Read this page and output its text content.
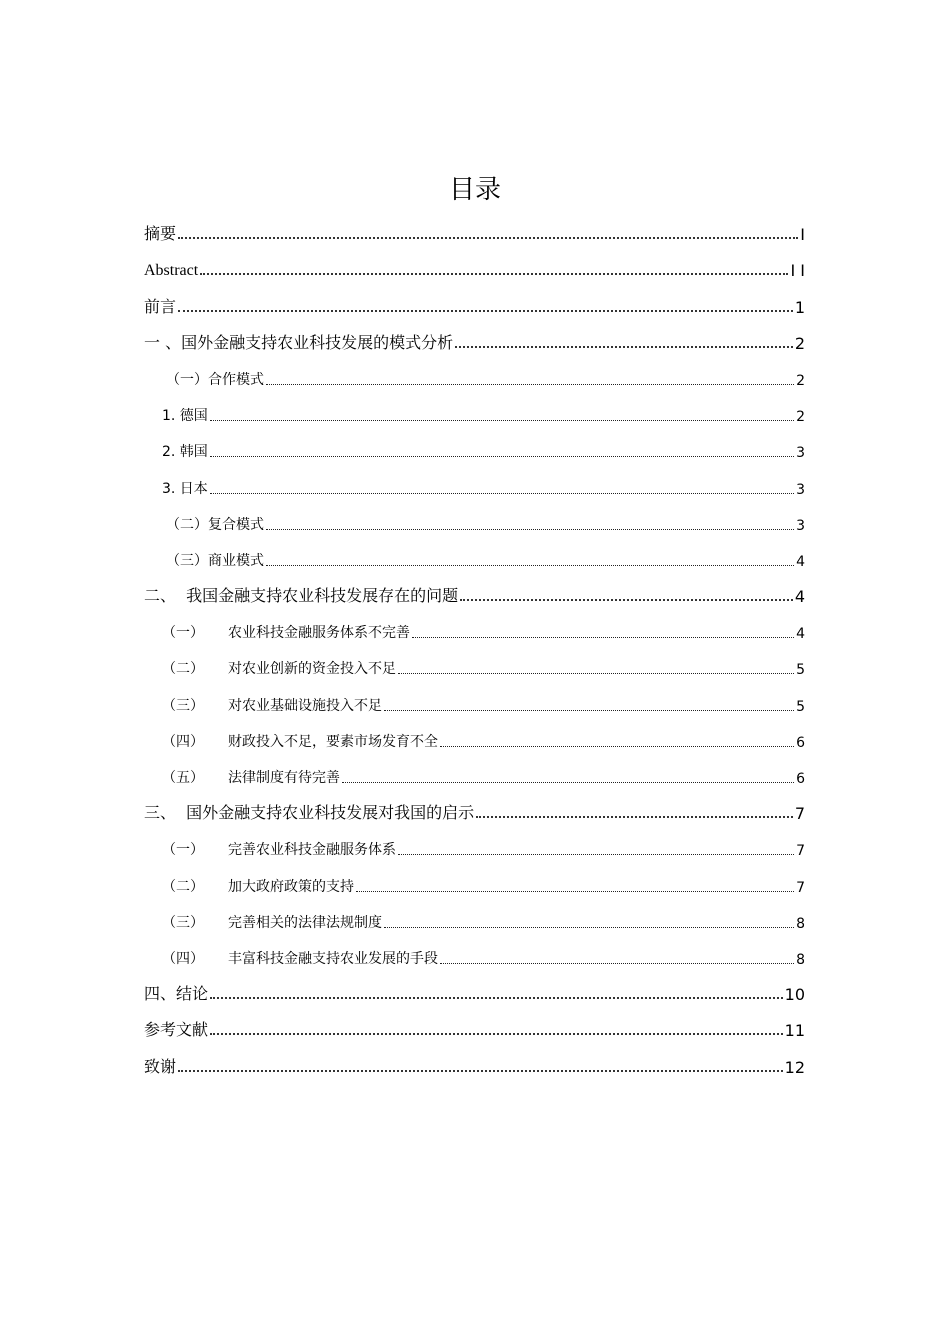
目录
摘要	I
Abstract	I I
前言	1
一 、国外金融支持农业科技发展的模式分析	2
（一）合作模式	2
1. 德国	2
2. 韩国	3
3. 日本	3
（二）复合模式	3
（三）商业模式	4
二、  我国金融支持农业科技发展存在的问题	4
（一）	农业科技金融服务体系不完善	4
（二）	对农业创新的资金投入不足	5
（三）	对农业基础设施投入不足	5
（四）	财政投入不足，要素市场发育不全	6
（五）	法律制度有待完善	6
三、  国外金融支持农业科技发展对我国的启示	7
（一）	完善农业科技金融服务体系	7
（二）	加大政府政策的支持	7
（三）	完善相关的法律法规制度	8
（四）	丰富科技金融支持农业发展的手段	8
四、结论	10
参考文献	11
致谢	12
